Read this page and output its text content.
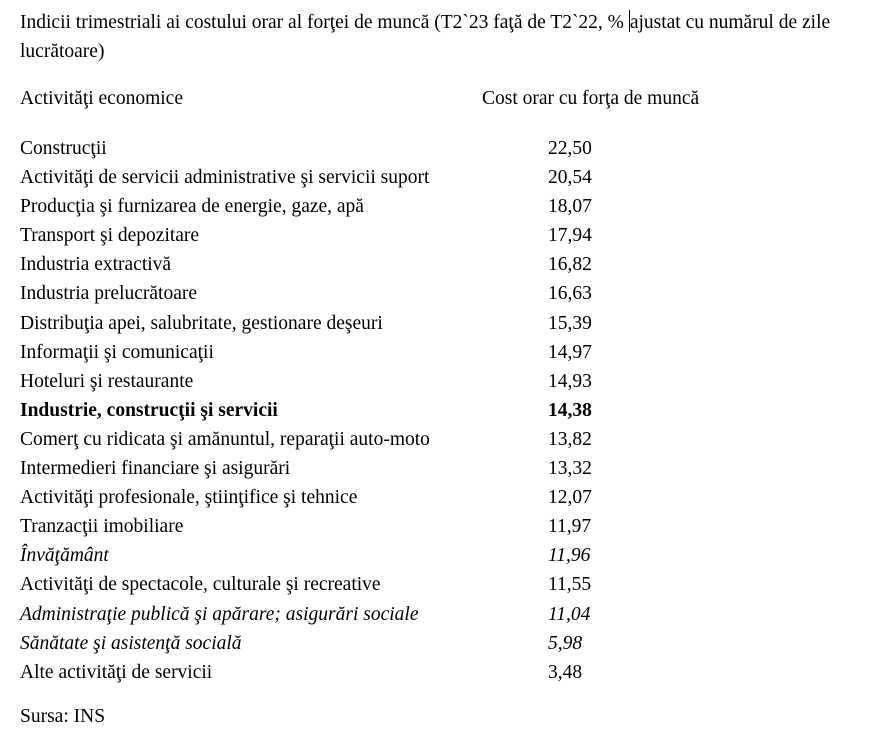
Indicii trimestriali ai costului orar al forţei de muncă (T2`23 faţă de T2`22, % ajustat cu numărul de zile lucrătoare)
Activităţi economice	Cost orar cu forţa de muncă
Construcţii	22,50
Activităţi de servicii administrative şi servicii suport	20,54
Producţia şi furnizarea de energie, gaze, apă	18,07
Transport şi depozitare	17,94
Industria extractivă	16,82
Industria prelucrătoare	16,63
Distribuţia apei, salubritate, gestionare deşeuri	15,39
Informaţii şi comunicaţii	14,97
Hoteluri şi restaurante	14,93
Industrie, construcţii şi servicii	14,38
Comerţ cu ridicata şi amănuntul, reparaţii auto-moto	13,82
Intermedieri financiare şi asigurări	13,32
Activităţi profesionale, ştiinţifice şi tehnice	12,07
Tranzacţii imobiliare	11,97
Învăţământ	11,96
Activităţi de spectacole, culturale şi recreative	11,55
Administraţie publică şi apărare; asigurări sociale	11,04
Sănătate şi asistenţă socială	5,98
Alte activităţi de servicii	3,48
Sursa: INS
